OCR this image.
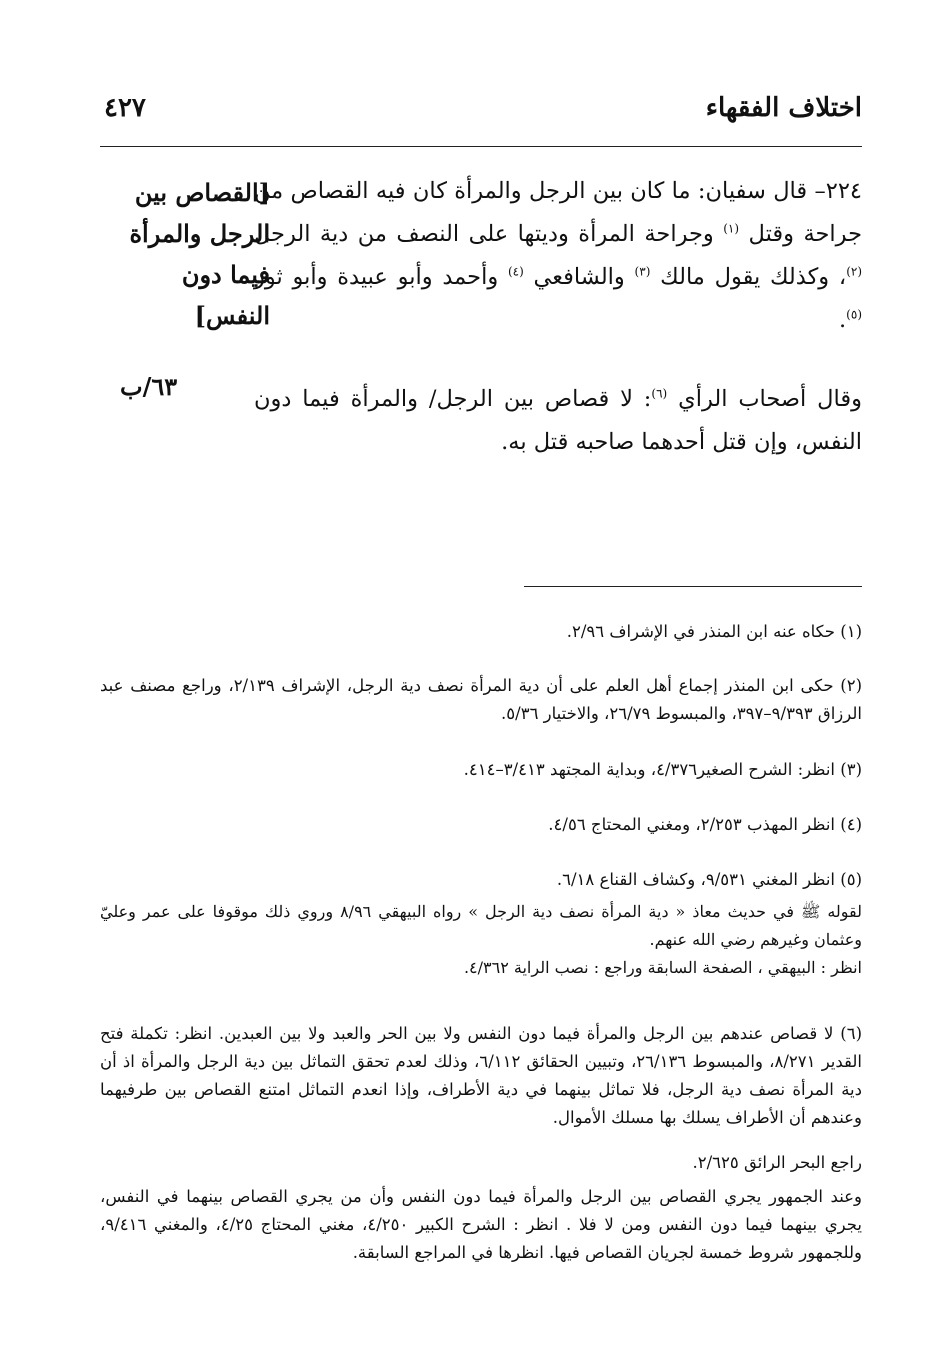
اختلاف الفقهاء
٤٢٧

٢٢٤– قال سفيان: ما كان بين الرجل والمرأة كان فيه القصاص من جراحة وقتل $^{(١)}$ وجراحة المرأة وديتها على النصف من دية الرجل $^{(٢)}$، وكذلك يقول مالك $^{(٣)}$ والشافعي $^{(٤)}$ وأحمد وأبو عبيدة وأبو ثور $^{(٥)}$.

وقال أصحاب الرأي $^{(٦)}$: لا قصاص بين الرجل/ والمرأة فيما دون النفس، وإن قتل أحدهما صاحبه قتل به.

[القصاص بين الرجل والمرأة فيما دون النفس]
٦٣/ب

(١) حكاه عنه ابن المنذر في الإشراف ٢/٩٦.

(٢) حكى ابن المنذر إجماع أهل العلم على أن دية المرأة نصف دية الرجل، الإشراف ٢/١٣٩، وراجع مصنف عبد الرزاق ٩/٣٩٣–٣٩٧، والمبسوط ٢٦/٧٩، والاختيار ٥/٣٦.

(٣) انظر: الشرح الصغير٤/٣٧٦، وبداية المجتهد ٣/٤١٣–٤١٤.

(٤) انظر المهذب ٢/٢٥٣، ومغني المحتاج ٤/٥٦.

(٥) انظر المغني ٩/٥٣١، وكشاف القناع ٦/١٨.

لقوله ﷺ في حديث معاذ « دية المرأة نصف دية الرجل » رواه البيهقي ٨/٩٦ وروي ذلك موقوفا على عمر وعليّ وعثمان وغيرهم رضي الله عنهم.

انظر : البيهقي ، الصفحة السابقة وراجع : نصب الراية ٤/٣٦٢.

(٦) لا قصاص عندهم بين الرجل والمرأة فيما دون النفس ولا بين الحر والعبد ولا بين العبدين. انظر: تكملة فتح القدير ٨/٢٧١، والمبسوط ٢٦/١٣٦، وتبيين الحقائق ٦/١١٢، وذلك لعدم تحقق التماثل بين دية الرجل والمرأة اذ أن دية المرأة نصف دية الرجل، فلا تماثل بينهما في دية الأطراف، وإذا انعدم التماثل امتنع القصاص بين طرفيهما وعندهم أن الأطراف يسلك بها مسلك الأموال.

راجع البحر الرائق ٢/٦٢٥.

وعند الجمهور يجري القصاص بين الرجل والمرأة فيما دون النفس وأن من يجري القصاص بينهما في النفس، يجري بينهما فيما دون النفس ومن لا فلا . انظر : الشرح الكبير ٤/٢٥٠، مغني المحتاج ٤/٢٥، والمغني ٩/٤١٦، وللجمهور شروط خمسة لجريان القصاص فيها. انظرها في المراجع السابقة.
